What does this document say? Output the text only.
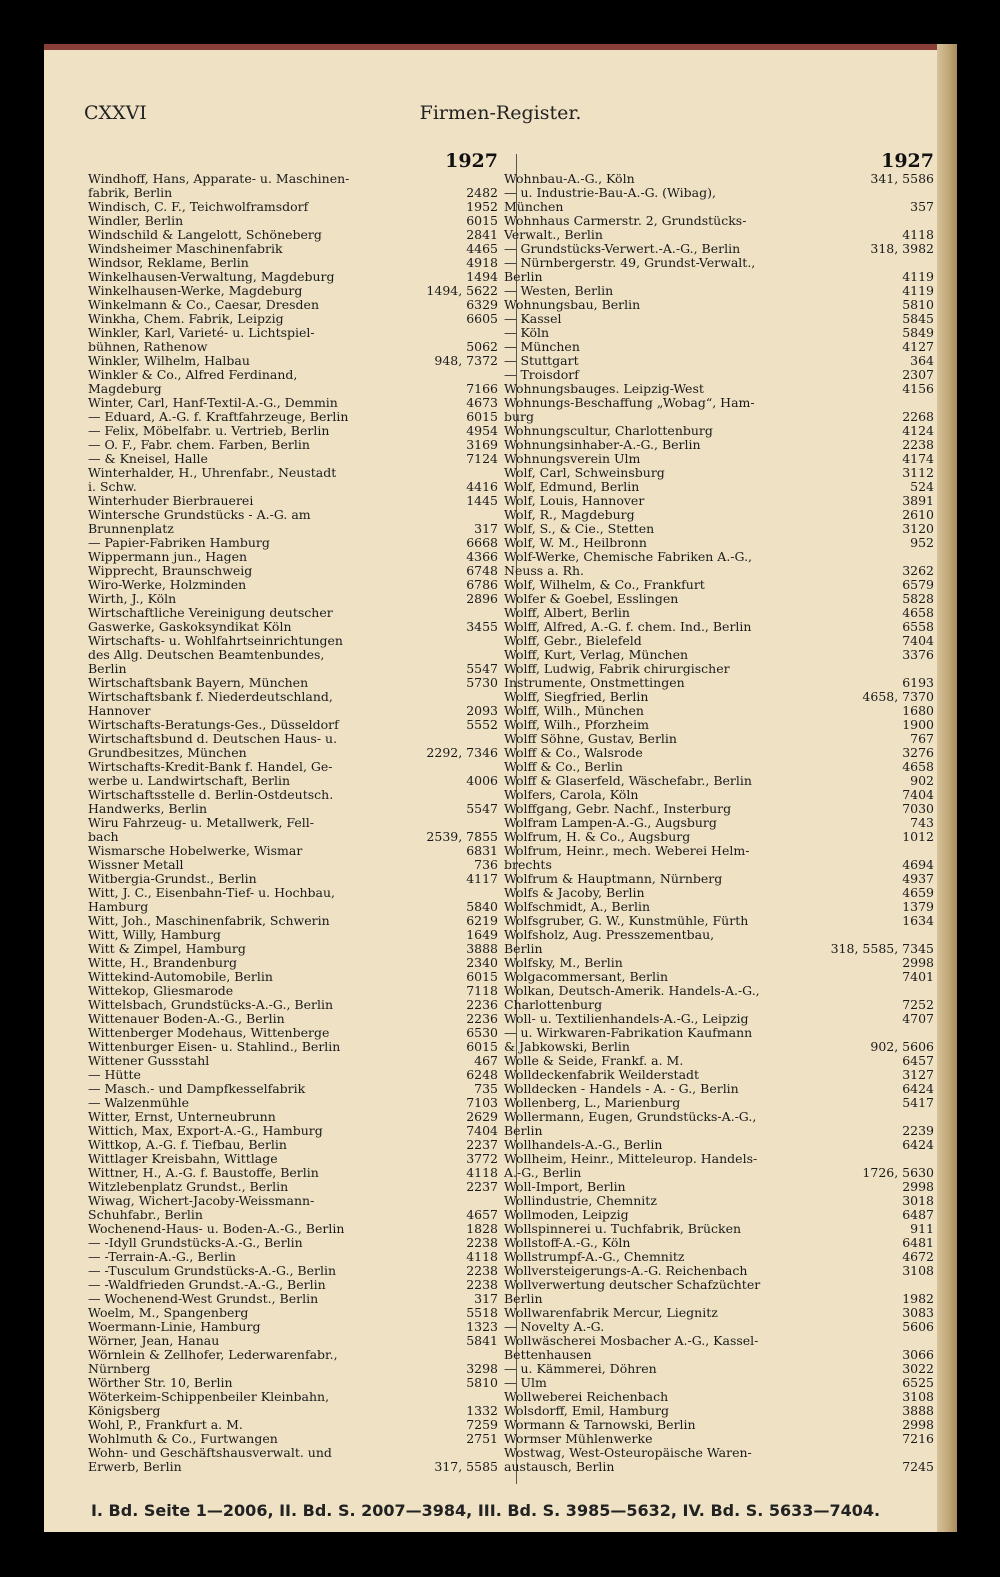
CXXVI	Firmen-Register.
1927
Windhoff, Hans, Apparate- u. Maschinen-
fabrik, Berlin	2482
Windisch, C. F., Teichwolframsdorf	1952
Windler, Berlin	6015
Windschild & Langelott, Schöneberg	2841
Windsheimer Maschinenfabrik	4465
Windsor, Reklame, Berlin	4918
Winkelhausen-Verwaltung, Magdeburg	1494
Winkelhausen-Werke, Magdeburg	1494, 5622
Winkelmann & Co., Caesar, Dresden	6329
Winkha, Chem. Fabrik, Leipzig	6605
Winkler, Karl, Varieté- u. Lichtspiel-
bühnen, Rathenow	5062
Winkler, Wilhelm, Halbau	948, 7372
Winkler & Co., Alfred Ferdinand,
Magdeburg	7166
Winter, Carl, Hanf-Textil-A.-G., Demmin	4673
— Eduard, A.-G. f. Kraftfahrzeuge, Berlin	6015
— Felix, Möbelfabr. u. Vertrieb, Berlin	4954
— O. F., Fabr. chem. Farben, Berlin	3169
— & Kneisel, Halle	7124
Winterhalder, H., Uhrenfabr., Neustadt
i. Schw.	4416
Winterhuder Bierbrauerei	1445
Wintersche Grundstücks - A.-G. am
Brunnenplatz	317
— Papier-Fabriken Hamburg	6668
Wippermann jun., Hagen	4366
Wipprecht, Braunschweig	6748
Wiro-Werke, Holzminden	6786
Wirth, J., Köln	2896
Wirtschaftliche Vereinigung deutscher
Gaswerke, Gaskoksyndikat Köln	3455
Wirtschafts- u. Wohlfahrtseinrichtungen
des Allg. Deutschen Beamtenbundes,
Berlin	5547
Wirtschaftsbank Bayern, München	5730
Wirtschaftsbank f. Niederdeutschland,
Hannover	2093
Wirtschafts-Beratungs-Ges., Düsseldorf	5552
Wirtschaftsbund d. Deutschen Haus- u.
Grundbesitzes, München	2292, 7346
Wirtschafts-Kredit-Bank f. Handel, Ge-
werbe u. Landwirtschaft, Berlin	4006
Wirtschaftsstelle d. Berlin-Ostdeutsch.
Handwerks, Berlin	5547
Wiru Fahrzeug- u. Metallwerk, Fell-
bach	2539, 7855
Wismarsche Hobelwerke, Wismar	6831
Wissner Metall	736
Witbergia-Grundst., Berlin	4117
Witt, J. C., Eisenbahn-Tief- u. Hochbau,
Hamburg	5840
Witt, Joh., Maschinenfabrik, Schwerin	6219
Witt, Willy, Hamburg	1649
Witt & Zimpel, Hamburg	3888
Witte, H., Brandenburg	2340
Wittekind-Automobile, Berlin	6015
Wittekop, Gliesmarode	7118
Wittelsbach, Grundstücks-A.-G., Berlin	2236
Wittenauer Boden-A.-G., Berlin	2236
Wittenberger Modehaus, Wittenberge	6530
Wittenburger Eisen- u. Stahlind., Berlin	6015
Wittener Gussstahl	467
— Hütte	6248
— Masch.- und Dampfkesselfabrik	735
— Walzenmühle	7103
Witter, Ernst, Unterneubrunn	2629
Wittich, Max, Export-A.-G., Hamburg	7404
Wittkop, A.-G. f. Tiefbau, Berlin	2237
Wittlager Kreisbahn, Wittlage	3772
Wittner, H., A.-G. f. Baustoffe, Berlin	4118
Witzlebenplatz Grundst., Berlin	2237
Wiwag, Wichert-Jacoby-Weissmann-
Schuhfabr., Berlin	4657
Wochenend-Haus- u. Boden-A.-G., Berlin	1828
— -Idyll Grundstücks-A.-G., Berlin	2238
— -Terrain-A.-G., Berlin	4118
— -Tusculum Grundstücks-A.-G., Berlin	2238
— -Waldfrieden Grundst.-A.-G., Berlin	2238
— Wochenend-West Grundst., Berlin	317
Woelm, M., Spangenberg	5518
Woermann-Linie, Hamburg	1323
Wörner, Jean, Hanau	5841
Wörnlein & Zellhofer, Lederwarenfabr.,
Nürnberg	3298
Wörther Str. 10, Berlin	5810
Wöterkeim-Schippenbeiler Kleinbahn,
Königsberg	1332
Wohl, P., Frankfurt a. M.	7259
Wohlmuth & Co., Furtwangen	2751
Wohn- und Geschäftshausverwalt. und
Erwerb, Berlin	317, 5585
1927
Wohnbau-A.-G., Köln	341, 5586
— u. Industrie-Bau-A.-G. (Wibag),
München	357
Wohnhaus Carmerstr. 2, Grundstücks-
Verwalt., Berlin	4118
— Grundstücks-Verwert.-A.-G., Berlin	318, 3982
— Nürnbergerstr. 49, Grundst-Verwalt.,
Berlin	4119
— Westen, Berlin	4119
Wohnungsbau, Berlin	5810
— Kassel	5845
— Köln	5849
— München	4127
— Stuttgart	364
— Troisdorf	2307
Wohnungsbauges. Leipzig-West	4156
Wohnungs-Beschaffung „Wobag“, Ham-
burg	2268
Wohnungscultur, Charlottenburg	4124
Wohnungsinhaber-A.-G., Berlin	2238
Wohnungsverein Ulm	4174
Wolf, Carl, Schweinsburg	3112
Wolf, Edmund, Berlin	524
Wolf, Louis, Hannover	3891
Wolf, R., Magdeburg	2610
Wolf, S., & Cie., Stetten	3120
Wolf, W. M., Heilbronn	952
Wolf-Werke, Chemische Fabriken A.-G.,
Neuss a. Rh.	3262
Wolf, Wilhelm, & Co., Frankfurt	6579
Wolfer & Goebel, Esslingen	5828
Wolff, Albert, Berlin	4658
Wolff, Alfred, A.-G. f. chem. Ind., Berlin	6558
Wolff, Gebr., Bielefeld	7404
Wolff, Kurt, Verlag, München	3376
Wolff, Ludwig, Fabrik chirurgischer
Instrumente, Onstmettingen	6193
Wolff, Siegfried, Berlin	4658, 7370
Wolff, Wilh., München	1680
Wolff, Wilh., Pforzheim	1900
Wolff Söhne, Gustav, Berlin	767
Wolff & Co., Walsrode	3276
Wolff & Co., Berlin	4658
Wolff & Glaserfeld, Wäschefabr., Berlin	902
Wolfers, Carola, Köln	7404
Wolffgang, Gebr. Nachf., Insterburg	7030
Wolfram Lampen-A.-G., Augsburg	743
Wolfrum, H. & Co., Augsburg	1012
Wolfrum, Heinr., mech. Weberei Helm-
brechts	4694
Wolfrum & Hauptmann, Nürnberg	4937
Wolfs & Jacoby, Berlin	4659
Wolfschmidt, A., Berlin	1379
Wolfsgruber, G. W., Kunstmühle, Fürth	1634
Wolfsholz, Aug. Presszementbau,
Berlin	318, 5585, 7345
Wolfsky, M., Berlin	2998
Wolgacommersant, Berlin	7401
Wolkan, Deutsch-Amerik. Handels-A.-G.,
Charlottenburg	7252
Woll- u. Textilienhandels-A.-G., Leipzig	4707
— u. Wirkwaren-Fabrikation Kaufmann
& Jabkowski, Berlin	902, 5606
Wolle & Seide, Frankf. a. M.	6457
Wolldeckenfabrik Weilderstadt	3127
Wolldecken - Handels - A. - G., Berlin	6424
Wollenberg, L., Marienburg	5417
Wollermann, Eugen, Grundstücks-A.-G.,
Berlin	2239
Wollhandels-A.-G., Berlin	6424
Wollheim, Heinr., Mitteleurop. Handels-
A.-G., Berlin	1726, 5630
Woll-Import, Berlin	2998
Wollindustrie, Chemnitz	3018
Wollmoden, Leipzig	6487
Wollspinnerei u. Tuchfabrik, Brücken	911
Wollstoff-A.-G., Köln	6481
Wollstrumpf-A.-G., Chemnitz	4672
Wollversteigerungs-A.-G. Reichenbach	3108
Wollverwertung deutscher Schafzüchter
Berlin	1982
Wollwarenfabrik Mercur, Liegnitz	3083
— Novelty A.-G.	5606
Wollwäscherei Mosbacher A.-G., Kassel-
Bettenhausen	3066
— u. Kämmerei, Döhren	3022
— Ulm	6525
Wollweberei Reichenbach	3108
Wolsdorff, Emil, Hamburg	3888
Wormann & Tarnowski, Berlin	2998
Wormser Mühlenwerke	7216
Wostwag, West-Osteuropäische Waren-
austausch, Berlin	7245
I. Bd. Seite 1—2006, II. Bd. S. 2007—3984, III. Bd. S. 3985—5632, IV. Bd. S. 5633—7404.
